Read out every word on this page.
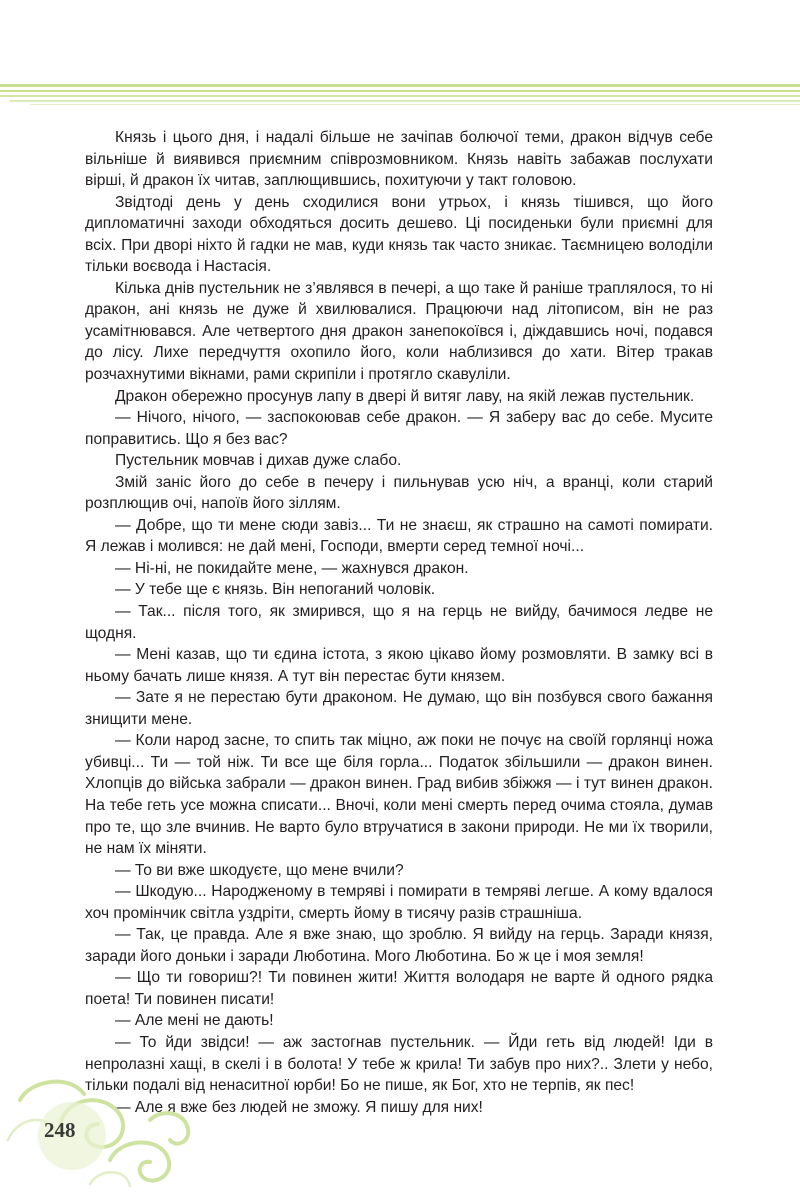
Князь і цього дня, і надалі більше не зачіпав болючої теми, дракон відчув себе вільніше й виявився приємним співрозмовником. Князь навіть забажав послухати вірші, й дракон їх читав, заплющившись, похитуючи у такт головою.

Звідтоді день у день сходилися вони утрьох, і князь тішився, що його дипломатичні заходи обходяться досить дешево. Ці посиденьки були приємні для всіх. При дворі ніхто й гадки не мав, куди князь так часто зникає. Таємницею володіли тільки воєвода і Настасія.

Кілька днів пустельник не з’являвся в печері, а що таке й раніше траплялося, то ні дракон, ані князь не дуже й хвилювалися. Працюючи над літописом, він не раз усамітнювався. Але четвертого дня дракон занепокоївся і, діждавшись ночі, подався до лісу. Лихе передчуття охопило його, коли наблизився до хати. Вітер тракав розчахнутими вікнами, рами скрипіли і протягло скавуліли.

Дракон обережно просунув лапу в двері й витяг лаву, на якій лежав пустельник.

— Нічого, нічого, — заспокоював себе дракон. — Я заберу вас до себе. Мусите поправитись. Що я без вас?

Пустельник мовчав і дихав дуже слабо.

Змій заніс його до себе в печеру і пильнував усю ніч, а вранці, коли старий розплющив очі, напоїв його зіллям.

— Добре, що ти мене сюди завіз... Ти не знаєш, як страшно на самоті помирати. Я лежав і молився: не дай мені, Господи, вмерти серед темної ночі...

— Ні-ні, не покидайте мене, — жахнувся дракон.

— У тебе ще є князь. Він непоганий чоловік.

— Так... після того, як змирився, що я на герць не вийду, бачимося ледве не щодня.

— Мені казав, що ти єдина істота, з якою цікаво йому розмовляти. В замку всі в ньому бачать лише князя. А тут він перестає бути князем.

— Зате я не перестаю бути драконом. Не думаю, що він позбувся свого бажання знищити мене.

— Коли народ засне, то спить так міцно, аж поки не почує на своїй горлянці ножа убивці... Ти — той ніж. Ти все ще біля горла... Податок збільшили — дракон винен. Хлопців до війська забрали — дракон винен. Град вибив збіжжя — і тут винен дракон. На тебе геть усе можна списати... Вночі, коли мені смерть перед очима стояла, думав про те, що зле вчинив. Не варто було втручатися в закони природи. Не ми їх творили, не нам їх міняти.

— То ви вже шкодуєте, що мене вчили?

— Шкодую... Народженому в темряві і помирати в темряві легше. А кому вдалося хоч промінчик світла уздріти, смерть йому в тисячу разів страшніша.

— Так, це правда. Але я вже знаю, що зроблю. Я вийду на герць. Заради князя, заради його доньки і заради Люботина. Мого Люботина. Бо ж це і моя земля!

— Що ти говориш?! Ти повинен жити! Життя володаря не варте й одного рядка поета! Ти повинен писати!

— Але мені не дають!

— То йди звідси! — аж застогнав пустельник. — Йди геть від людей! Іди в непролазні хащі, в скелі і в болота! У тебе ж крила! Ти забув про них?.. Злети у небо, тільки подалі від ненаситної юрби! Бо не пише, як Бог, хто не терпів, як пес!

— Але я вже без людей не зможу. Я пишу для них!

248
